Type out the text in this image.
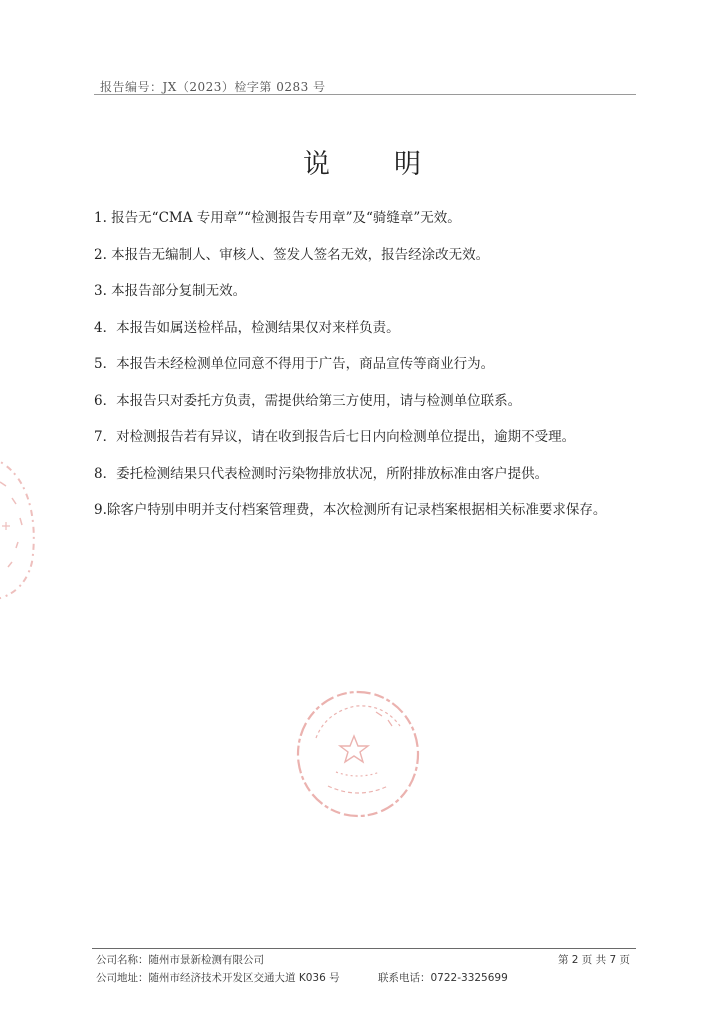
报告编号：JX（2023）检字第 0283 号
说 明
1. 报告无“CMA 专用章”“检测报告专用章”及“骑缝章”无效。
2. 本报告无编制人、审核人、签发人签名无效，报告经涂改无效。
3. 本报告部分复制无效。
4．本报告如属送检样品，检测结果仅对来样负责。
5．本报告未经检测单位同意不得用于广告，商品宣传等商业行为。
6．本报告只对委托方负责，需提供给第三方使用，请与检测单位联系。
7．对检测报告若有异议，请在收到报告后七日内向检测单位提出，逾期不受理。
8．委托检测结果只代表检测时污染物排放状况，所附排放标准由客户提供。
9.除客户特别申明并支付档案管理费，本次检测所有记录档案根据相关标准要求保存。
公司名称：随州市景新检测有限公司	第 2 页 共 7 页
公司地址：随州市经济技术开发区交通大道 K036 号	联系电话：0722-3325699
